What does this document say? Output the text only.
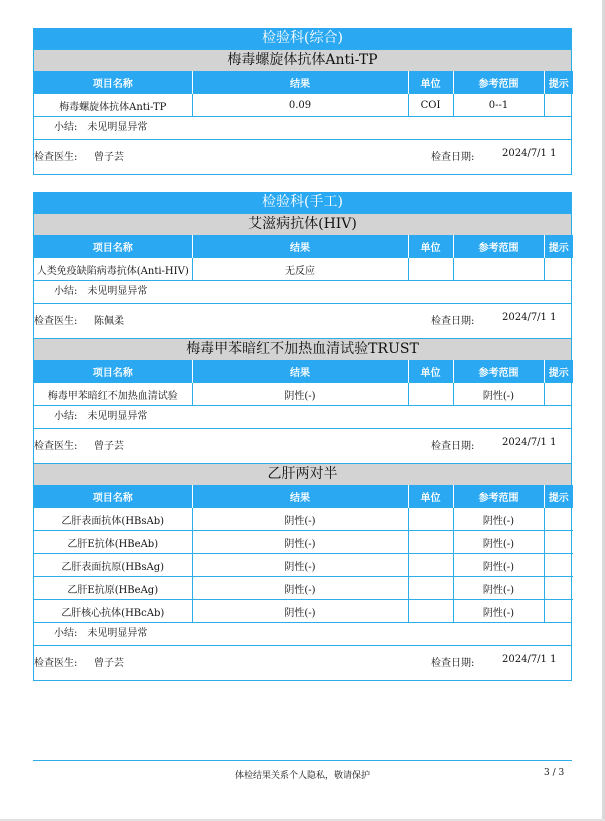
检验科(综合)
梅毒螺旋体抗体Anti-TP
项目名称	结果	单位	参考范围	提示
梅毒螺旋体抗体Anti-TP	0.09	COI	0--1	
小结: 未见明显异常
检查医生: 曾子芸	检查日期:	2024/7/1 1
检验科(手工)
艾滋病抗体(HIV)
项目名称	结果	单位	参考范围	提示
人类免疫缺陷病毒抗体(Anti-HIV)	无反应			
小结: 未见明显异常
检查医生: 陈佩柔	检查日期:	2024/7/1 1
梅毒甲苯暗红不加热血清试验TRUST
项目名称	结果	单位	参考范围	提示
梅毒甲苯暗红不加热血清试验	阴性(-)		阴性(-)	
小结: 未见明显异常
检查医生: 曾子芸	检查日期:	2024/7/1 1
乙肝两对半
项目名称	结果	单位	参考范围	提示
乙肝表面抗体(HBsAb)	阴性(-)		阴性(-)	
乙肝E抗体(HBeAb)	阴性(-)		阴性(-)	
乙肝表面抗原(HBsAg)	阴性(-)		阴性(-)	
乙肝E抗原(HBeAg)	阴性(-)		阴性(-)	
乙肝核心抗体(HBcAb)	阴性(-)		阴性(-)	
小结: 未见明显异常
检查医生: 曾子芸	检查日期:	2024/7/1 1
体检结果关系个人隐私，敬请保护	3 / 3
